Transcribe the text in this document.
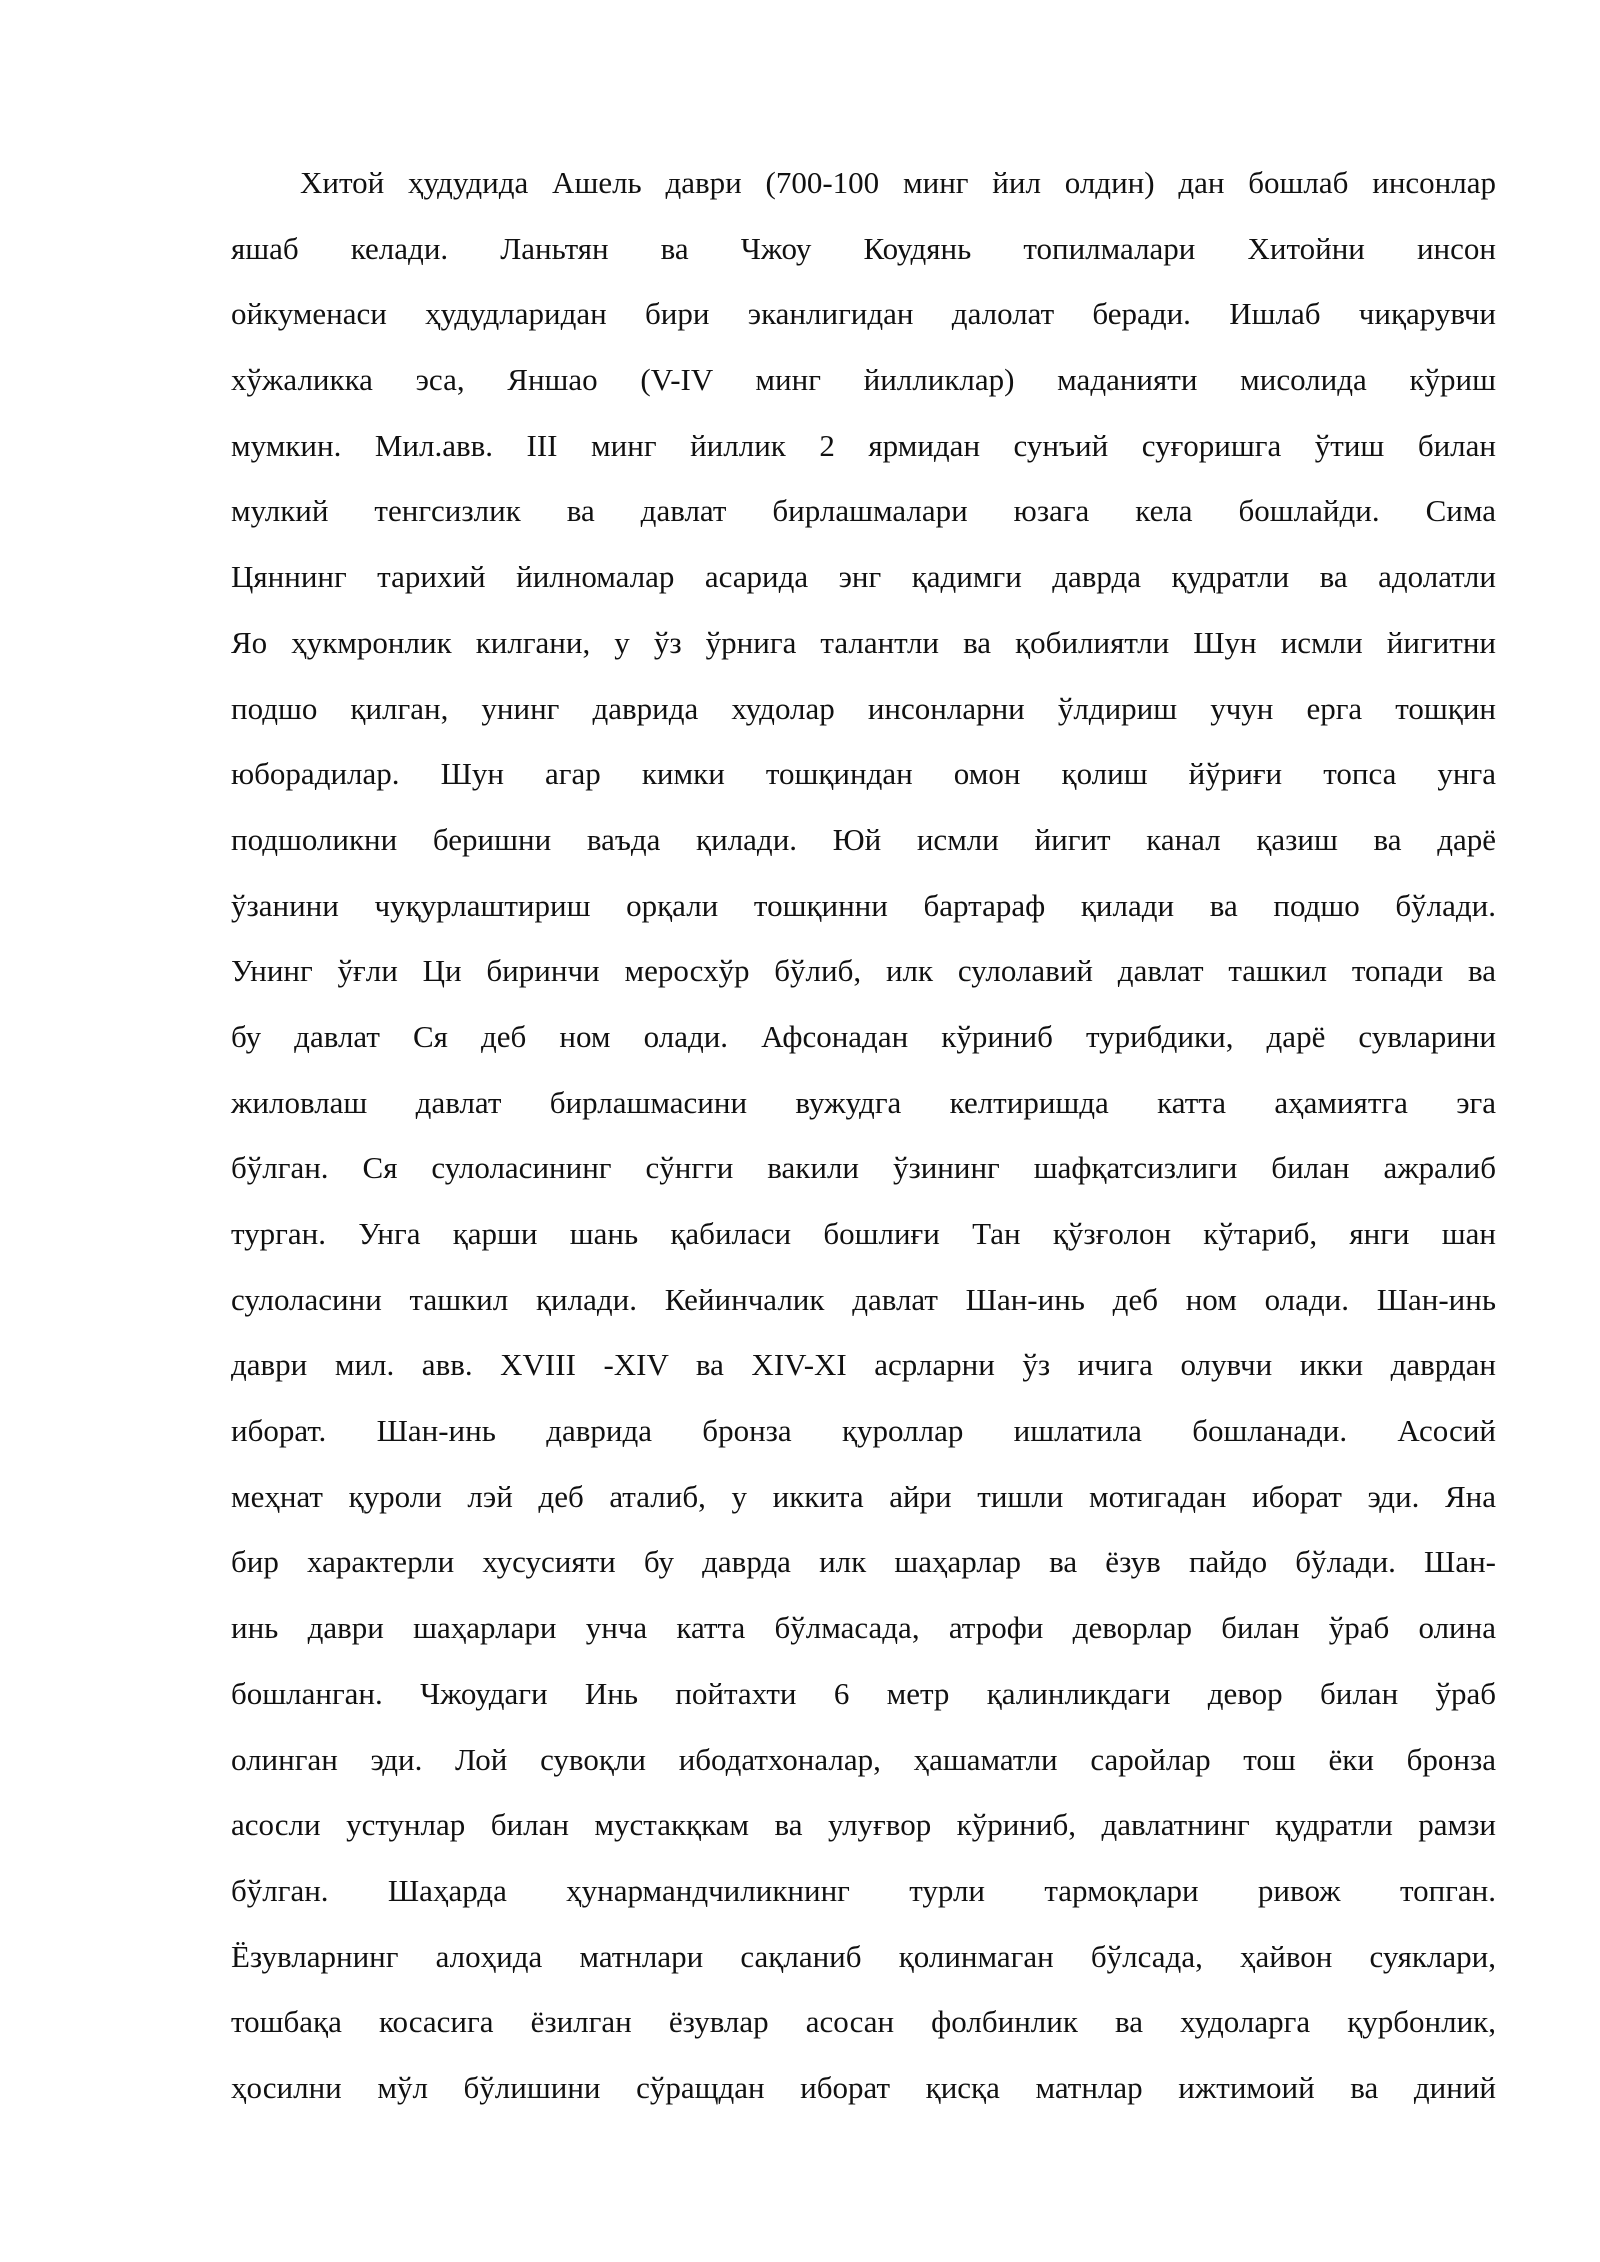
Хитой ҳудудида Ашель даври (700-100 минг йил олдин) дан бошлаб инсонлар
яшаб келади. Ланьтян ва Чжоу Коудянь топилмалари Хитойни инсон
ойкуменаси ҳудудларидан бири эканлигидан далолат беради. Ишлаб чиқарувчи
хўжаликка эса, Яншао (V-IV минг йилликлар) маданияти мисолида кўриш
мумкин. Мил.авв. III минг йиллик 2 ярмидан сунъий суғоришга ўтиш билан
мулкий тенгсизлик ва давлат бирлашмалари юзага кела бошлайди. Сима
Цяннинг тарихий йилномалар асарида энг қадимги даврда қудратли ва адолатли
Яо ҳукмронлик килгани, у ўз ўрнига талантли ва қобилиятли Шун исмли йигитни
подшо қилган, унинг даврида худолар инсонларни ўлдириш учун ерга тошқин
юборадилар. Шун агар кимки тошқиндан омон қолиш йўриғи топса унга
подшоликни беришни ваъда қилади. Юй исмли йигит канал қазиш ва дарё
ўзанини чуқурлаштириш орқали тошқинни бартараф қилади ва подшо бўлади.
Унинг ўғли Ци биринчи меросхўр бўлиб, илк сулолавий давлат ташкил топади ва
бу давлат Ся деб ном олади. Афсонадан кўриниб турибдики, дарё сувларини
жиловлаш давлат бирлашмасини вужудга келтиришда катта аҳамиятга эга
бўлган. Ся сулоласининг сўнгги вакили ўзининг шафқатсизлиги билан ажралиб
турган. Унга қарши шань қабиласи бошлиғи Тан қўзғолон кўтариб, янги шан
сулоласини ташкил қилади. Кейинчалик давлат Шан-инь деб ном олади. Шан-инь
даври мил. авв. XVIII -XIV ва XIV-XI асрларни ўз ичига олувчи икки даврдан
иборат. Шан-инь даврида бронза қуроллар ишлатила бошланади. Асосий
меҳнат қуроли лэй деб аталиб, у иккита айри тишли мотигадан иборат эди. Яна
бир характерли хусусияти бу даврда илк шаҳарлар ва ёзув пайдо бўлади. Шан-
инь даври шаҳарлари унча катта бўлмасада, атрофи деворлар билан ўраб олина
бошланган. Чжоудаги Инь пойтахти 6 метр қалинликдаги девор билан ўраб
олинган эди. Лой сувоқли ибодатхоналар, ҳашаматли саройлар тош ёки бронза
асосли устунлар билан мустакқкам ва улуғвор кўриниб, давлатнинг қудратли рамзи
бўлган. Шаҳарда ҳунармандчиликнинг турли тармоқлари ривож топган.
Ёзувларнинг алоҳида матнлари сақланиб қолинмаган бўлсада, ҳайвон суяклари,
тошбақа косасига ёзилган ёзувлар асосан фолбинлик ва худоларга қурбонлик,
ҳосилни мўл бўлишини сўращдан иборат қисқа матнлар ижтимоий ва диний
